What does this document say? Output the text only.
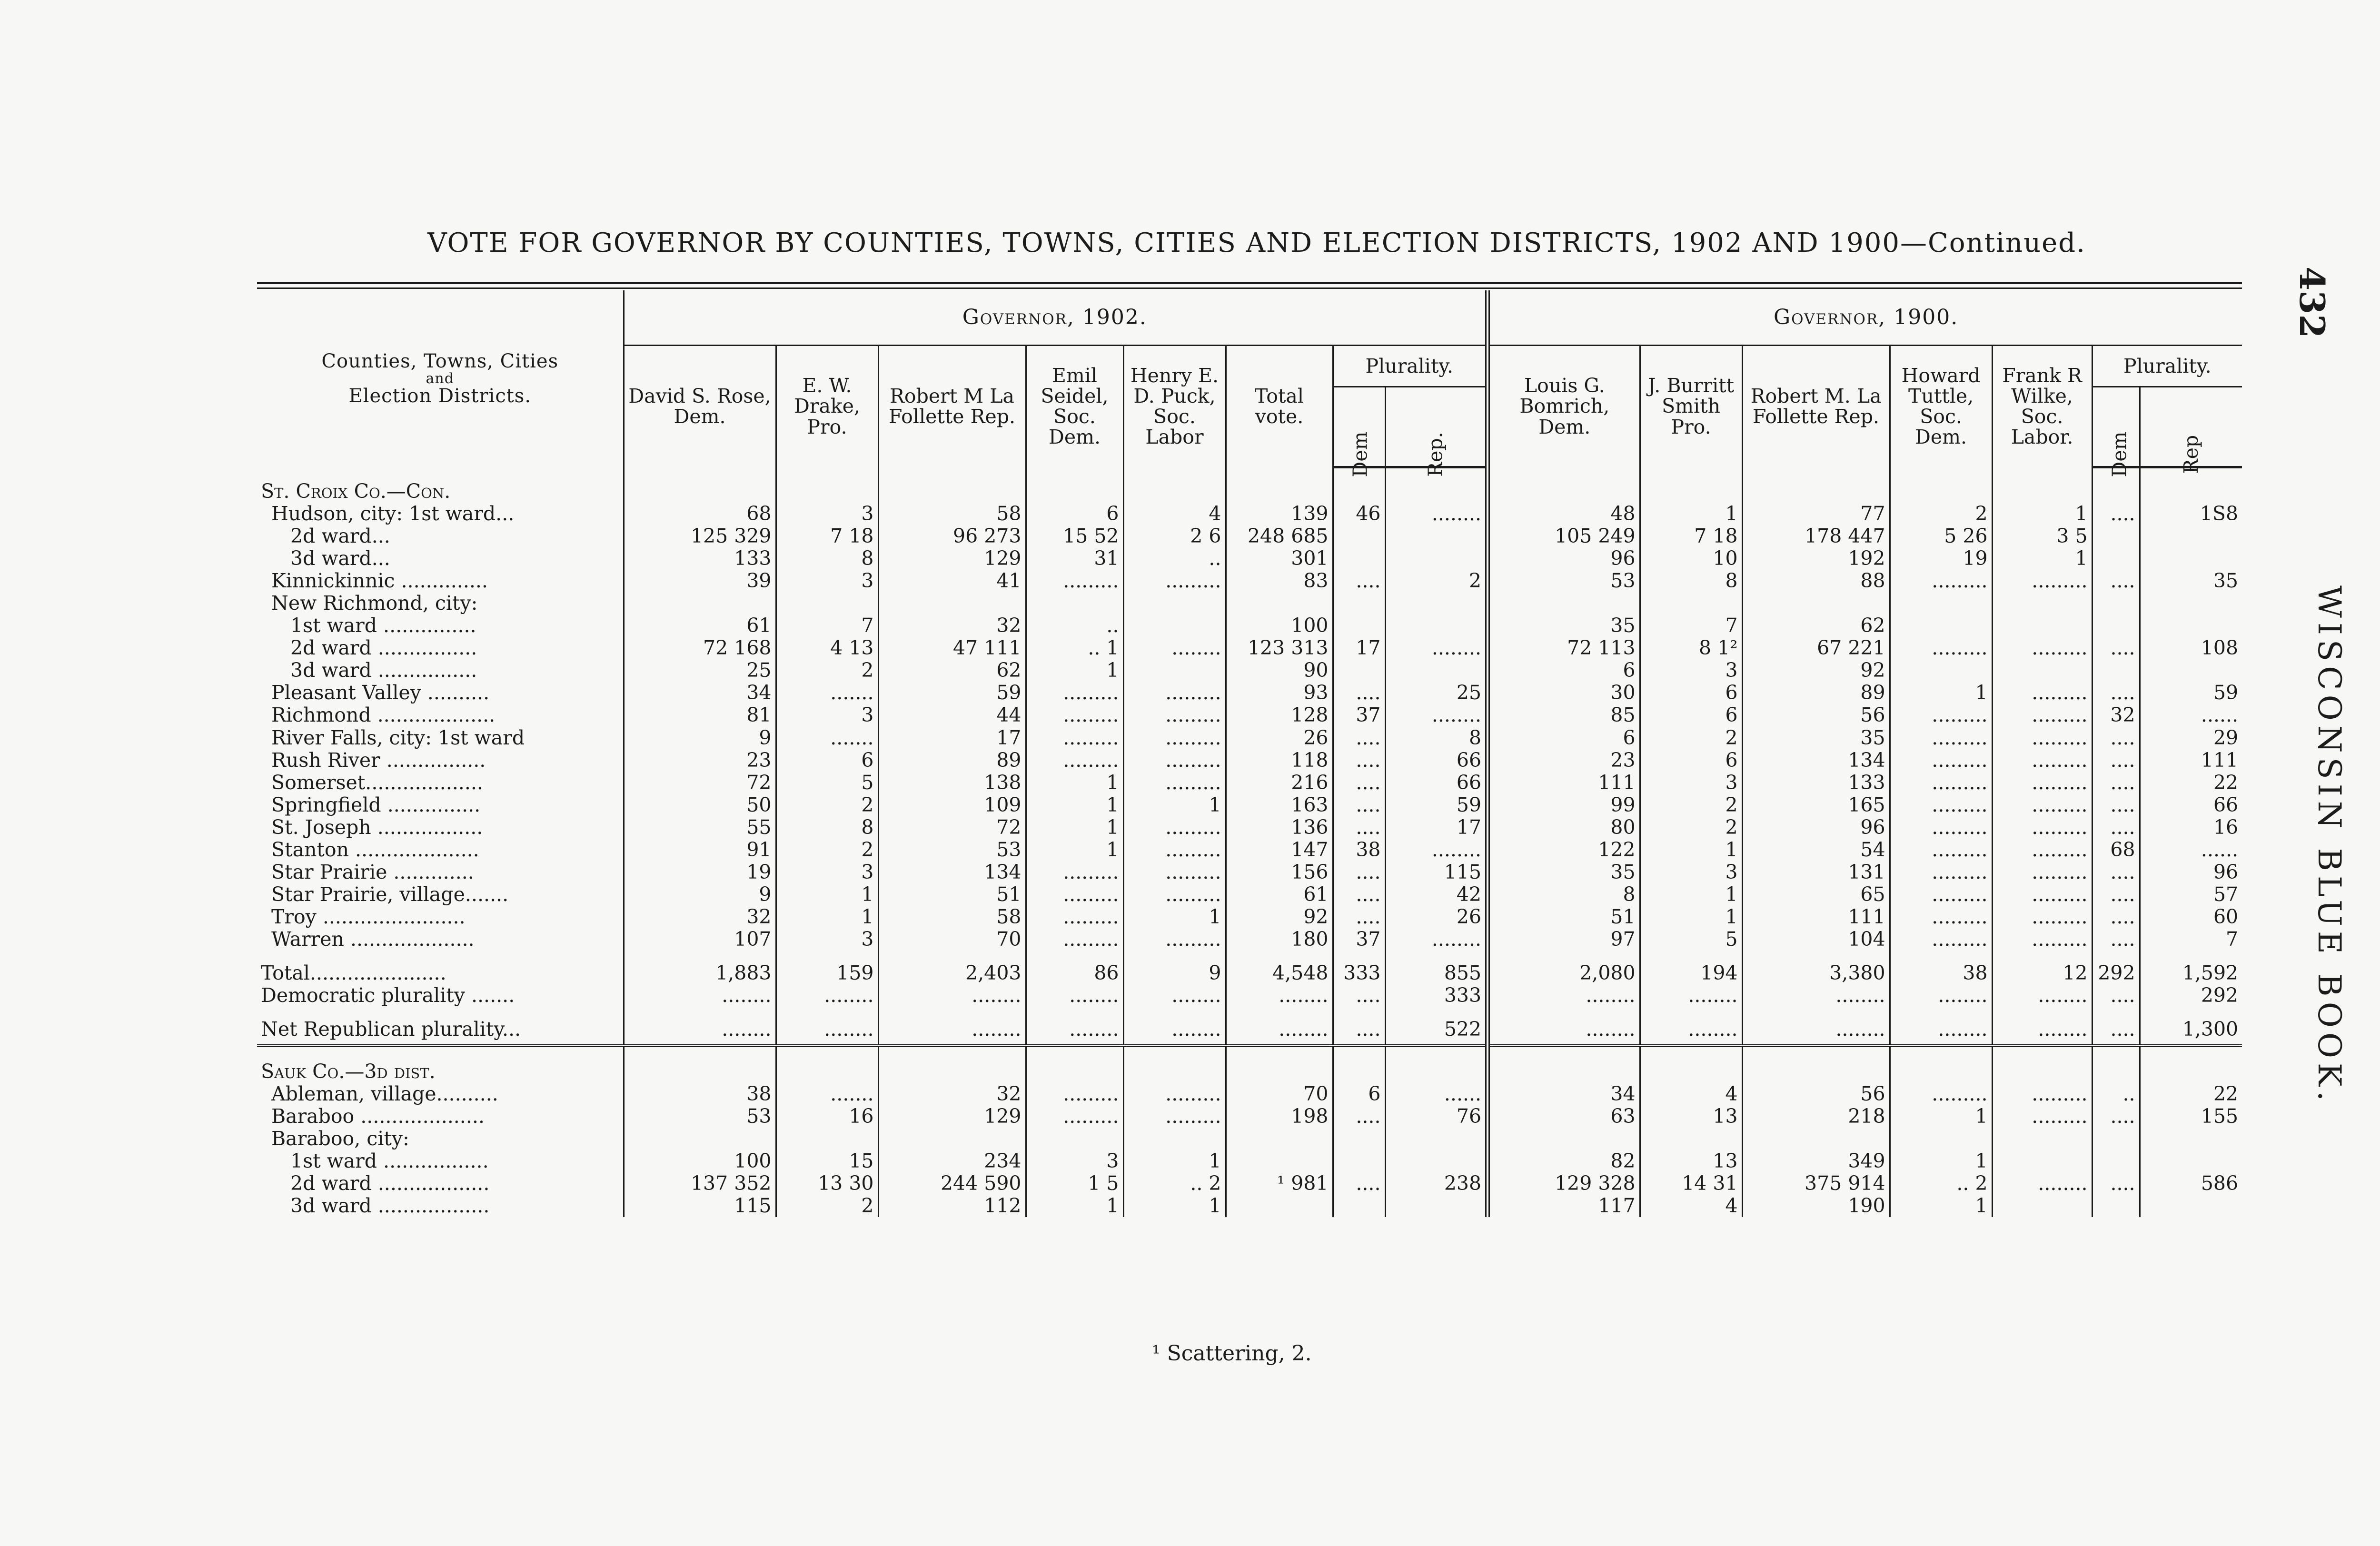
VOTE FOR GOVERNOR BY COUNTIES, TOWNS, CITIES AND ELECTION DISTRICTS, 1902 AND 1900—Continued.
432
WISCONSIN BLUE BOOK.
Counties, Towns, Cities
and
Election Districts.	Governor, 1902.								Governor, 1900.						
	David S. Rose, Dem.	E. W. Drake, Pro.	Robert M La Follette Rep.	Emil Seidel, Soc. Dem.	Henry E. D. Puck, Soc. Labor	Total vote.	Plurality.		Louis G. Bomrich, Dem.	J. Burritt Smith Pro.	Robert M. La Follette Rep.	Howard Tuttle, Soc. Dem.	Frank R Wilke, Soc. Labor.	Plurality.	
							Dem	Rep.						Dem	Rep
St. Croix Co.—Con.															
Hudson, city: 1st ward...	68	3	58	6	4	139	46	........	48	1	77	2	1	....	1S8
2d ward...	125 329	7 18	96 273	15 52	2 6	248 685			105 249	7 18	178 447	5 26	3 5		
3d ward...	133	8	129	31	..	301			96	10	192	19	1		
Kinnickinnic ..............	39	3	41	.........	.........	83	....	2	53	8	88	.........	.........	....	35
New Richmond, city:															
1st ward ...............	61	7	32	..		100			35	7	62				
2d ward ................	72 168	4 13	47 111	.. 1	........	123 313	17	........	72 113	8 1²	67 221	.........	.........	....	108
3d ward ................	25	2	62	1		90			6	3	92				
Pleasant Valley ..........	34	.......	59	.........	.........	93	....	25	30	6	89	1	.........	....	59
Richmond ...................	81	3	44	.........	.........	128	37	........	85	6	56	.........	.........	32	......
River Falls, city: 1st ward	9	.......	17	.........	.........	26	....	8	6	2	35	.........	.........	....	29
Rush River ................	23	6	89	.........	.........	118	....	66	23	6	134	.........	.........	....	111
Somerset...................	72	5	138	1	.........	216	....	66	111	3	133	.........	.........	....	22
Springfield ...............	50	2	109	1	1	163	....	59	99	2	165	.........	.........	....	66
St. Joseph .................	55	8	72	1	.........	136	....	17	80	2	96	.........	.........	....	16
Stanton ....................	91	2	53	1	.........	147	38	........	122	1	54	.........	.........	68	......
Star Prairie .............	19	3	134	.........	.........	156	....	115	35	3	131	.........	.........	....	96
Star Prairie, village.......	9	1	51	.........	.........	61	....	42	8	1	65	.........	.........	....	57
Troy .......................	32	1	58	.........	1	92	....	26	51	1	111	.........	.........	....	60
Warren ....................	107	3	70	.........	.........	180	37	........	97	5	104	.........	.........	....	7
Total......................	1,883	159	2,403	86	9	4,548	333	855	2,080	194	3,380	38	12	292	1,592
Democratic plurality .......	........	........	........	........	........	........	....	333	........	........	........	........	........	....	292
Net Republican plurality...	........	........	........	........	........	........	....	522	........	........	........	........	........	....	1,300
Sauk Co.—3d dist.															
Ableman, village..........	38	.......	32	.........	.........	70	6	......	34	4	56	.........	.........	..	22
Baraboo ....................	53	16	129	.........	.........	198	....	76	63	13	218	1	.........	....	155
Baraboo, city:															
1st ward .................	100	15	234	3	1				82	13	349	1			
2d ward ..................	137 352	13 30	244 590	1 5	.. 2	¹ 981	....	238	129 328	14 31	375 914	.. 2	........	....	586
3d ward ..................	115	2	112	1	1				117	4	190	1			
¹ Scattering, 2.
